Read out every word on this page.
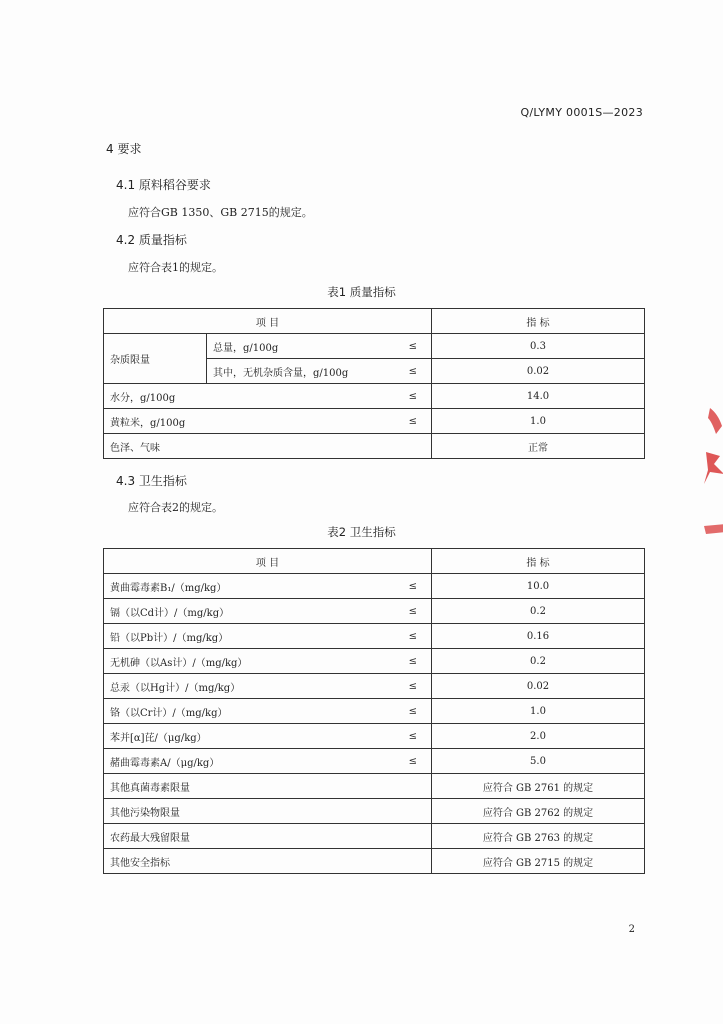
Q/LYMY 0001S—2023
4 要求
4.1 原料稻谷要求
应符合GB 1350、GB 2715的规定。
4.2 质量指标
应符合表1的规定。
表1 质量指标
项 目			指 标
杂质限量	总量，g/100g	≤	0.3
	其中，无机杂质含量，g/100g	≤	0.02
水分，g/100g		≤	14.0
黄粒米，g/100g		≤	1.0
色泽、气味			正常
4.3 卫生指标
应符合表2的规定。
表2 卫生指标
项 目		指 标
黄曲霉毒素B₁/（mg/kg）	≤	10.0
镉（以Cd计）/（mg/kg）	≤	0.2
铅（以Pb计）/（mg/kg）	≤	0.16
无机砷（以As计）/（mg/kg）	≤	0.2
总汞（以Hg计）/（mg/kg）	≤	0.02
铬（以Cr计）/（mg/kg）	≤	1.0
苯并[α]芘/（μg/kg）	≤	2.0
赭曲霉毒素A/（μg/kg）	≤	5.0
其他真菌毒素限量		应符合 GB 2761 的规定
其他污染物限量		应符合 GB 2762 的规定
农药最大残留限量		应符合 GB 2763 的规定
其他安全指标		应符合 GB 2715 的规定
2
